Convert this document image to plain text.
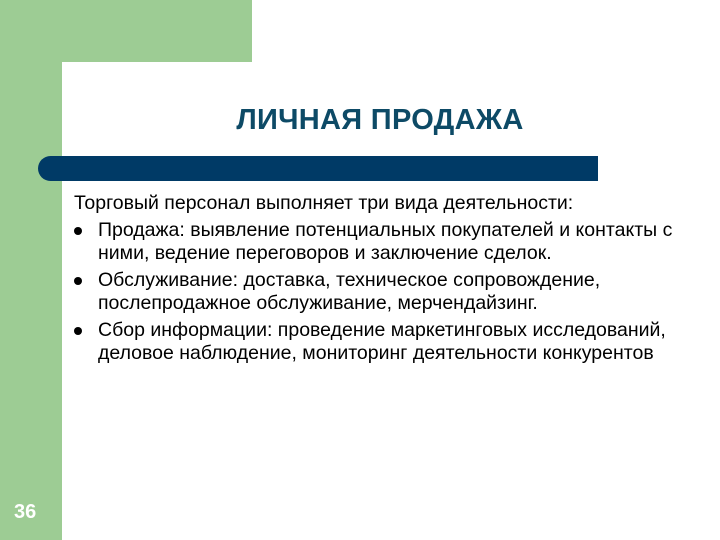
ЛИЧНАЯ ПРОДАЖА
Торговый персонал выполняет три вида деятельности:
Продажа: выявление потенциальных покупателей и контакты с ними, ведение переговоров и заключение сделок.
Обслуживание: доставка, техническое сопровождение, послепродажное обслуживание, мерчендайзинг.
Сбор информации: проведение маркетинговых исследований, деловое наблюдение, мониторинг деятельности конкурентов
36
